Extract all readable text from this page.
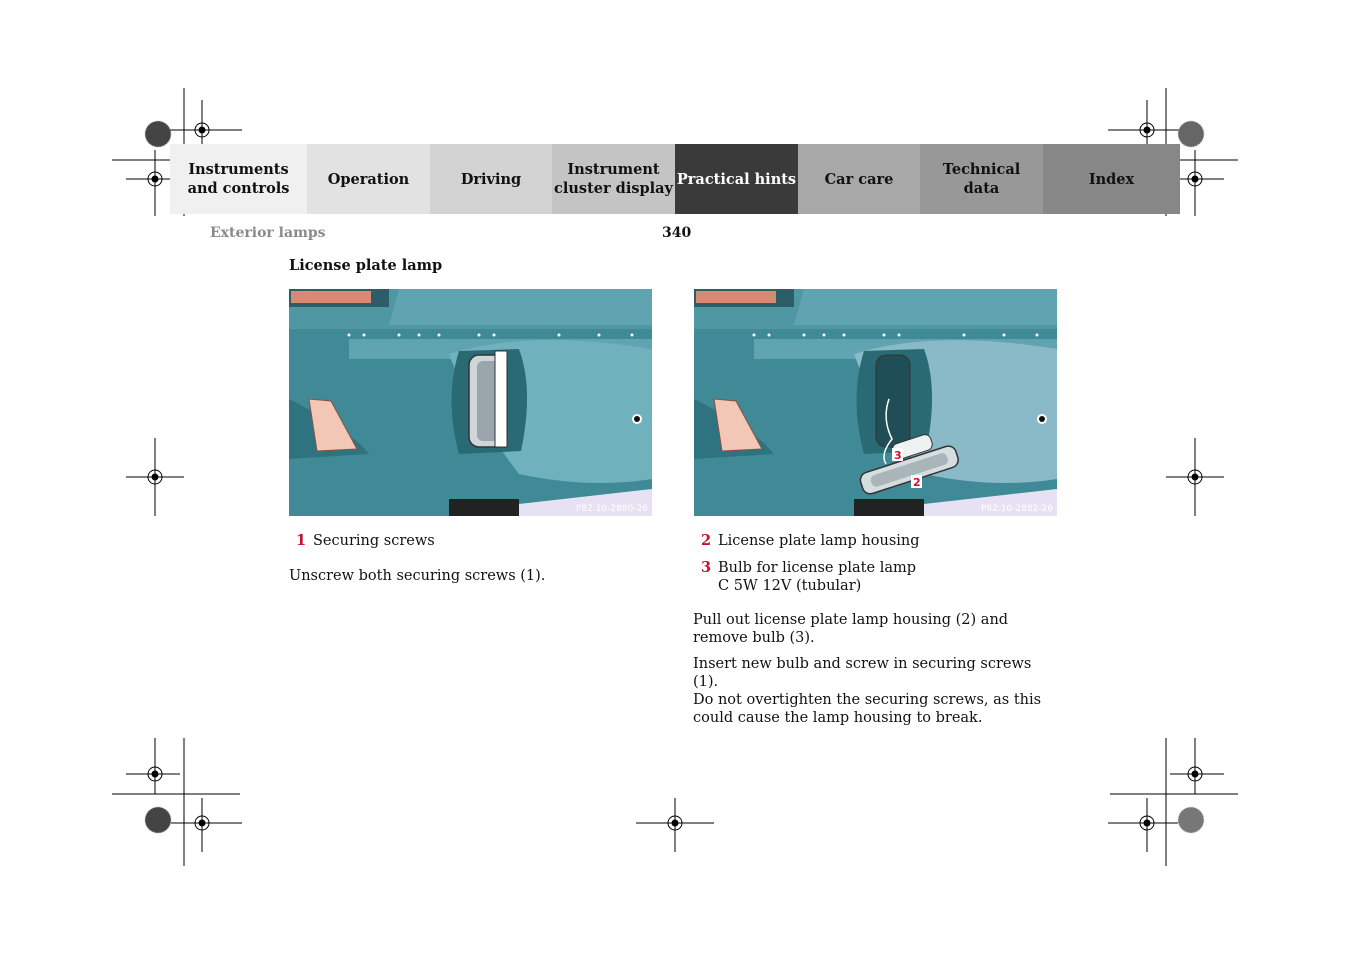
Instruments
and controls
Operation	Driving
Instrument
cluster display
Practical hints Car care
Technical
data
Index
Exterior lamps	340
License plate lamp
P82.10-2880-26
3
2
P82.10-2882-26
1 Securing screws
Unscrew both securing screws (1).
2 License plate lamp housing
3 Bulb for license plate lamp
C 5W 12V (tubular)
Pull out license plate lamp housing (2) and remove bulb (3).
Insert new bulb and screw in securing screws (1).
Do not overtighten the securing screws, as this could cause the lamp housing to break.
